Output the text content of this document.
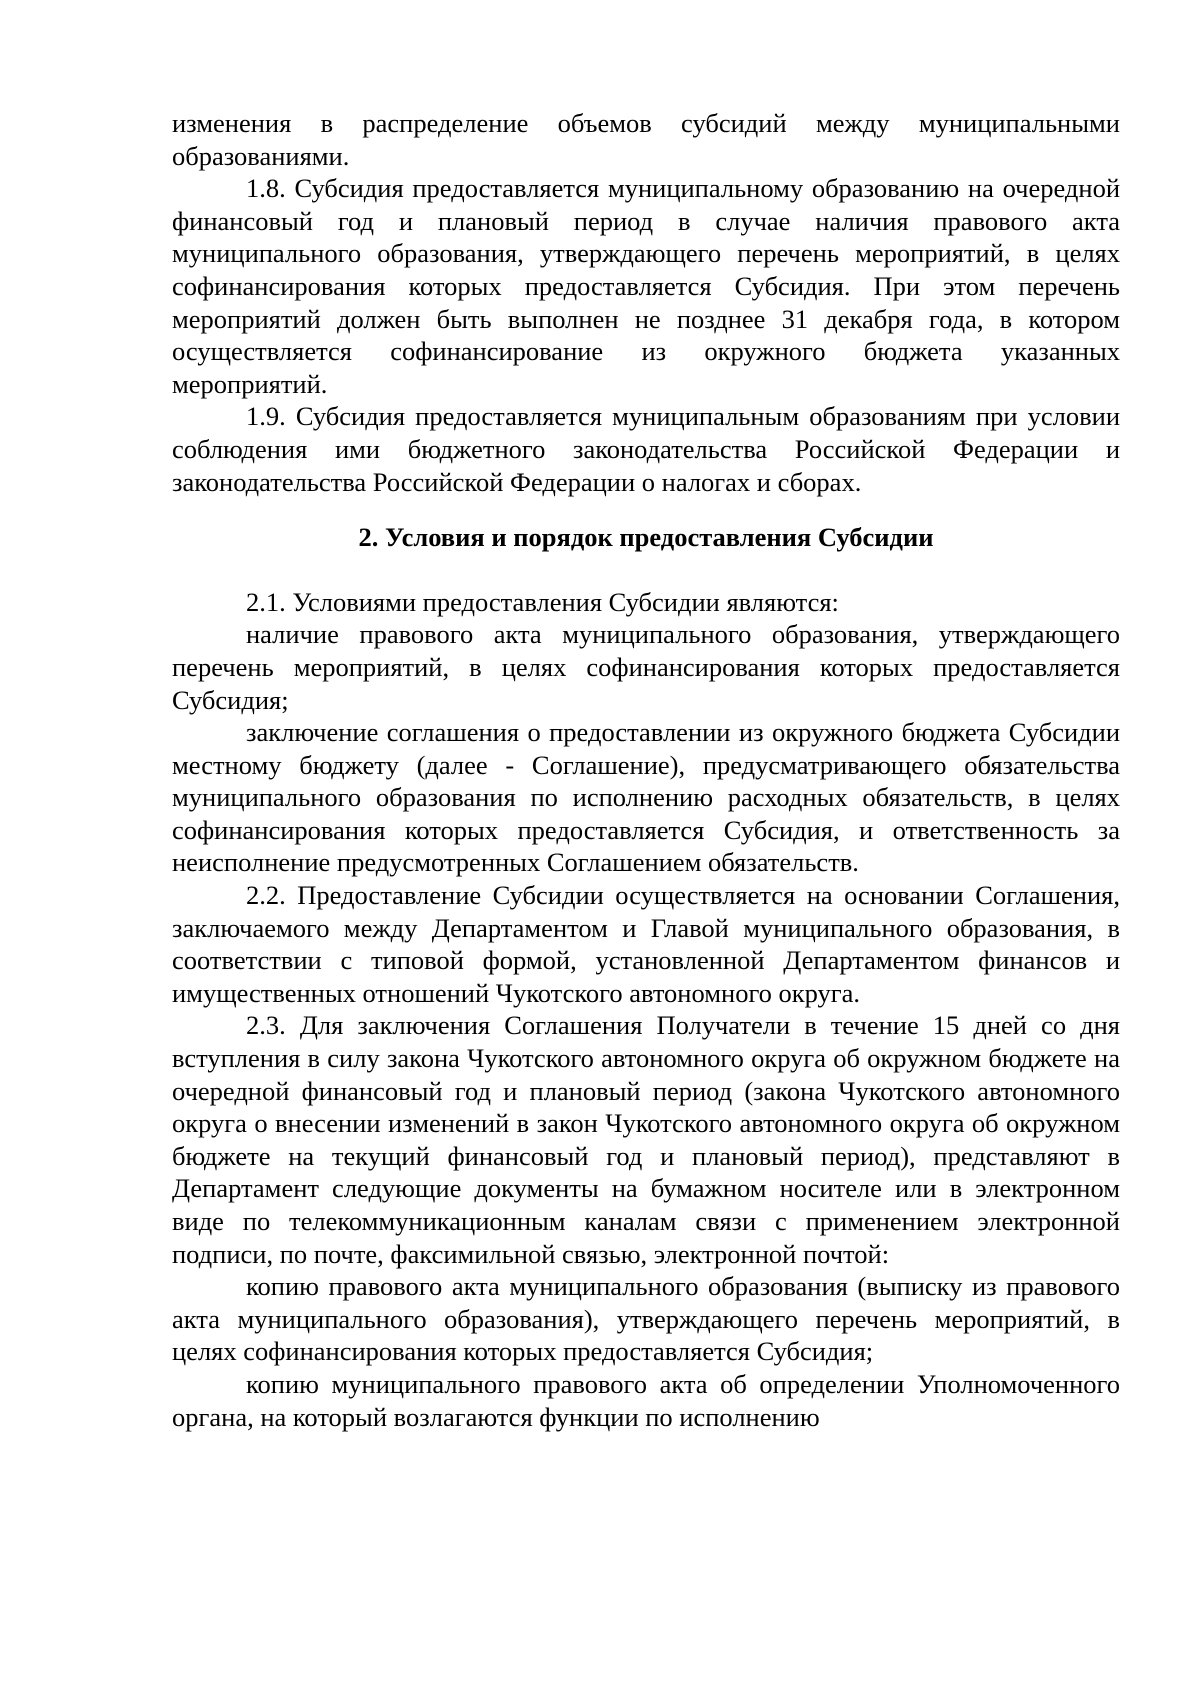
изменения в распределение объемов субсидий между муниципальными образованиями.

1.8. Субсидия предоставляется муниципальному образованию на очередной финансовый год и плановый период в случае наличия правового акта муниципального образования, утверждающего перечень мероприятий, в целях софинансирования которых предоставляется Субсидия. При этом перечень мероприятий должен быть выполнен не позднее 31 декабря года, в котором осуществляется софинансирование из окружного бюджета указанных мероприятий.

1.9. Субсидия предоставляется муниципальным образованиям при условии соблюдения ими бюджетного законодательства Российской Федерации и законодательства Российской Федерации о налогах и сборах.

2. Условия и порядок предоставления Субсидии

2.1. Условиями предоставления Субсидии являются:

наличие правового акта муниципального образования, утверждающего перечень мероприятий, в целях софинансирования которых предоставляется Субсидия;

заключение соглашения о предоставлении из окружного бюджета Субсидии местному бюджету (далее - Соглашение), предусматривающего обязательства муниципального образования по исполнению расходных обязательств, в целях софинансирования которых предоставляется Субсидия, и ответственность за неисполнение предусмотренных Соглашением обязательств.

2.2. Предоставление Субсидии осуществляется на основании Соглашения, заключаемого между Департаментом и Главой муниципального образования, в соответствии с типовой формой, установленной Департаментом финансов и имущественных отношений Чукотского автономного округа.

2.3. Для заключения Соглашения Получатели в течение 15 дней со дня вступления в силу закона Чукотского автономного округа об окружном бюджете на очередной финансовый год и плановый период (закона Чукотского автономного округа о внесении изменений в закон Чукотского автономного округа об окружном бюджете на текущий финансовый год и плановый период), представляют в Департамент следующие документы на бумажном носителе или в электронном виде по телекоммуникационным каналам связи с применением электронной подписи, по почте, факсимильной связью, электронной почтой:

копию правового акта муниципального образования (выписку из правового акта муниципального образования), утверждающего перечень мероприятий, в целях софинансирования которых предоставляется Субсидия;

копию муниципального правового акта об определении Уполномоченного органа, на который возлагаются функции по исполнению
